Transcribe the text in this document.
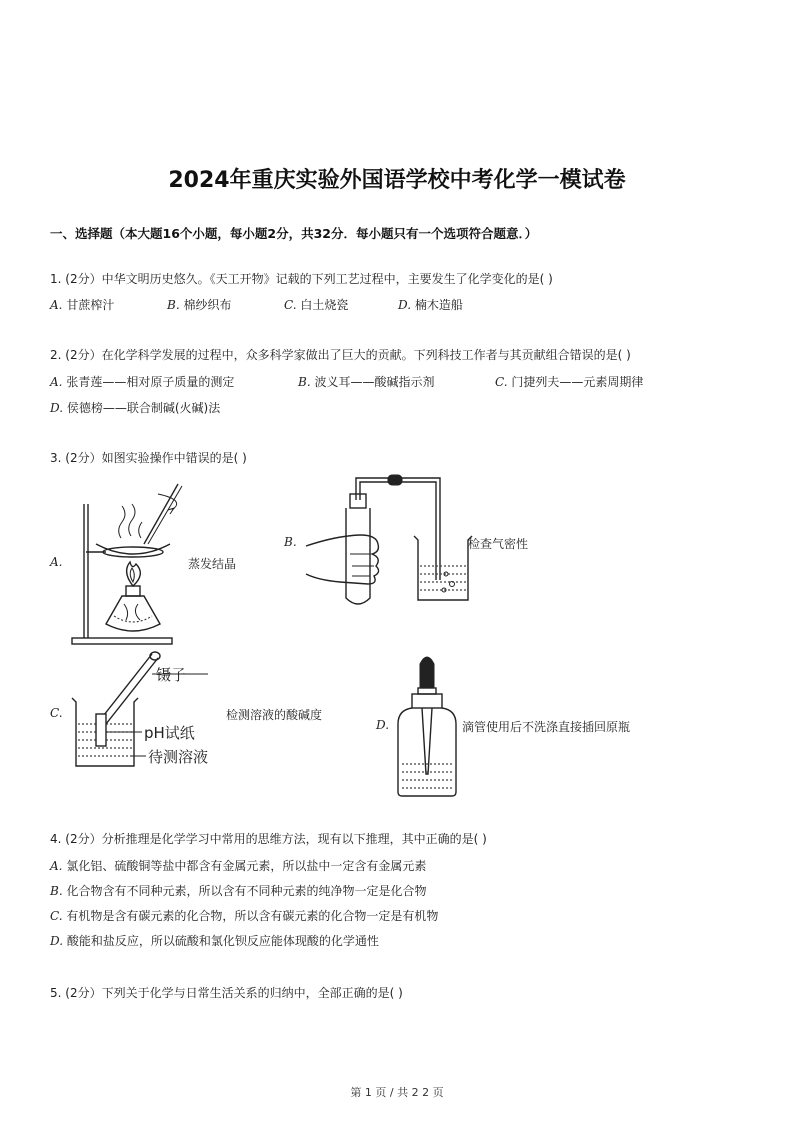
2024年重庆实验外国语学校中考化学一模试卷
一、选择题（本大题16个小题，每小题2分，共32分．每小题只有一个选项符合题意．）
1. (2分）中华文明历史悠久。《天工开物》记载的下列工艺过程中，主要发生了化学变化的是( )
A. 甘蔗榨汁	B. 棉纱织布	C. 白土烧瓷	D. 楠木造船
2. (2分）在化学科学发展的过程中，众多科学家做出了巨大的贡献。下列科技工作者与其贡献组合错误的是( )
A. 张青莲——相对原子质量的测定	B. 波义耳——酸碱指示剂	C. 门捷列夫——元素周期律
D. 侯德榜——联合制碱(火碱)法
3. (2分）如图实验操作中错误的是( )
A.	蒸发结晶
B.	检查气密性
C.
镊子
pH试纸
待测溶液
检测溶液的酸碱度
D.	滴管使用后不洗涤直接插回原瓶
4. (2分）分析推理是化学学习中常用的思维方法，现有以下推理，其中正确的是( )
A. 氯化铝、硫酸铜等盐中都含有金属元素，所以盐中一定含有金属元素
B. 化合物含有不同种元素，所以含有不同种元素的纯净物一定是化合物
C. 有机物是含有碳元素的化合物，所以含有碳元素的化合物一定是有机物
D. 酸能和盐反应，所以硫酸和氯化钡反应能体现酸的化学通性
5. (2分）下列关于化学与日常生活关系的归纳中，全部正确的是( )
第 1 页 / 共 2 2 页
